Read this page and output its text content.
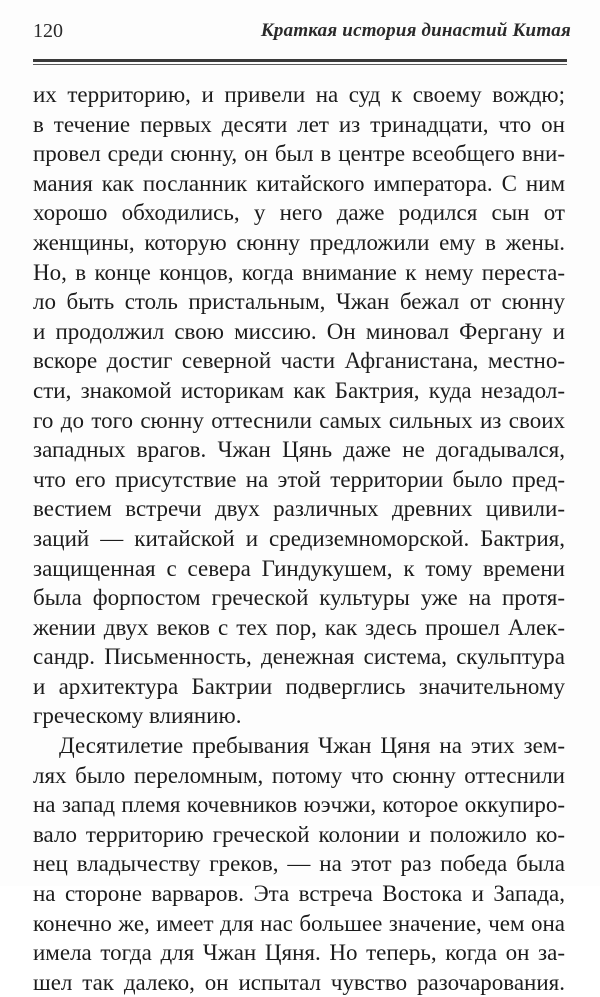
120	Краткая история династий Китая
их территорию, и привели на суд к своему вождю;
в течение первых десяти лет из тринадцати, что он
провел среди сюнну, он был в центре всеобщего вни-
мания как посланник китайского императора. С ним
хорошо обходились, у него даже родился сын от
женщины, которую сюнну предложили ему в жены.
Но, в конце концов, когда внимание к нему переста-
ло быть столь пристальным, Чжан бежал от сюнну
и продолжил свою миссию. Он миновал Фергану и
вскоре достиг северной части Афганистана, местно-
сти, знакомой историкам как Бактрия, куда незадол-
го до того сюнну оттеснили самых сильных из своих
западных врагов. Чжан Цянь даже не догадывался,
что его присутствие на этой территории было пред-
вестием встречи двух различных древних цивили-
заций — китайской и средиземноморской. Бактрия,
защищенная с севера Гиндукушем, к тому времени
была форпостом греческой культуры уже на протя-
жении двух веков с тех пор, как здесь прошел Алек-
сандр. Письменность, денежная система, скульптура
и архитектура Бактрии подверглись значительному
греческому влиянию.
Десятилетие пребывания Чжан Цяня на этих зем-
лях было переломным, потому что сюнну оттеснили
на запад племя кочевников юэчжи, которое оккупиро-
вало территорию греческой колонии и положило ко-
нец владычеству греков, — на этот раз победа была
на стороне варваров. Эта встреча Востока и Запада,
конечно же, имеет для нас большее значение, чем она
имела тогда для Чжан Цяня. Но теперь, когда он за-
шел так далеко, он испытал чувство разочарования.
